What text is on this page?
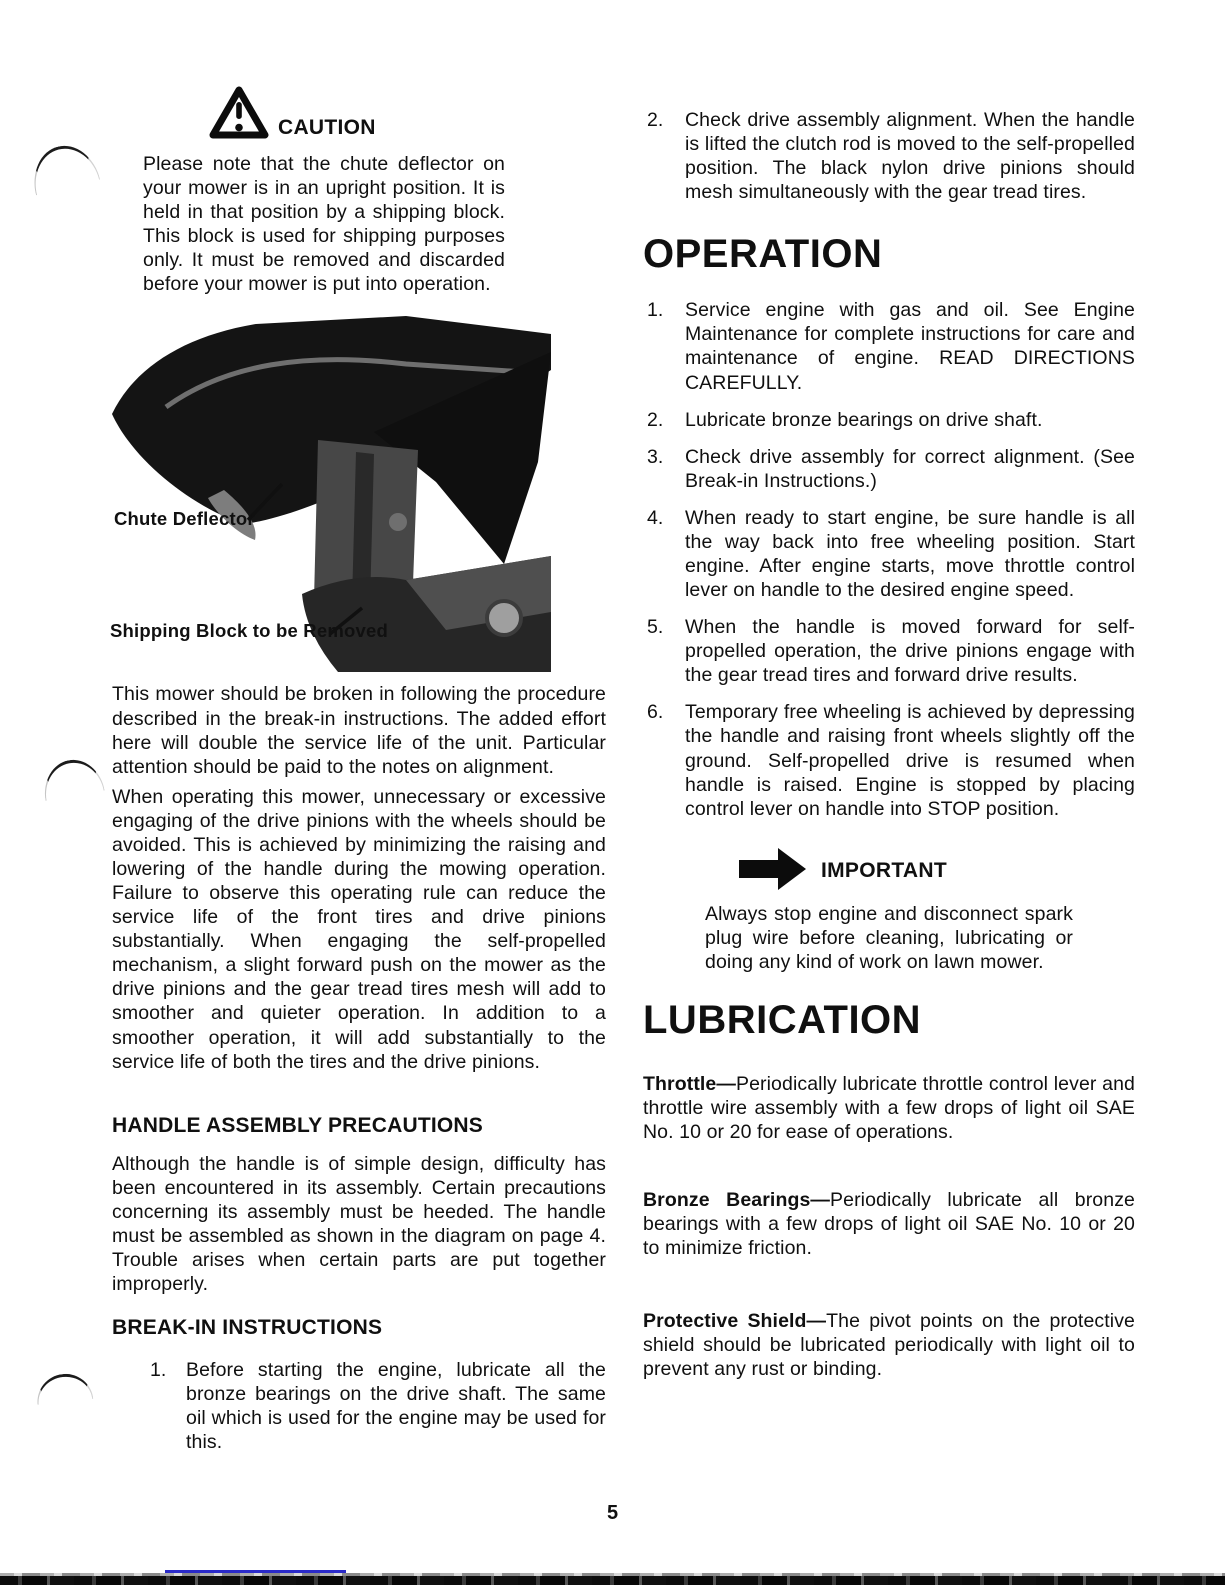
CAUTION
Please note that the chute deflector on your mower is in an upright position. It is held in that position by a shipping block. This block is used for shipping purposes only. It must be removed and discarded before your mower is put into operation.
Chute Deflector
Shipping Block to be Removed
This mower should be broken in following the procedure described in the break-in instructions. The added effort here will double the service life of the unit. Particular attention should be paid to the notes on alignment.
When operating this mower, unnecessary or excessive engaging of the drive pinions with the wheels should be avoided. This is achieved by minimizing the raising and lowering of the handle during the mowing operation. Failure to observe this operating rule can reduce the service life of the front tires and drive pinions substantially. When engaging the self-propelled mechanism, a slight forward push on the mower as the drive pinions and the gear tread tires mesh will add to smoother and quieter operation. In addition to a smoother operation, it will add substantially to the service life of both the tires and the drive pinions.
HANDLE ASSEMBLY PRECAUTIONS
Although the handle is of simple design, difficulty has been encountered in its assembly. Certain precautions concerning its assembly must be heeded. The handle must be assembled as shown in the diagram on page 4. Trouble arises when certain parts are put together improperly.
BREAK-IN INSTRUCTIONS
1.	Before starting the engine, lubricate all the bronze bearings on the drive shaft. The same oil which is used for the engine may be used for this.
2.	Check drive assembly alignment. When the handle is lifted the clutch rod is moved to the self-propelled position. The black nylon drive pinions should mesh simultaneously with the gear tread tires.
OPERATION
1.	Service engine with gas and oil. See Engine Maintenance for complete instructions for care and maintenance of engine. READ DIRECTIONS CAREFULLY.
2.	Lubricate bronze bearings on drive shaft.
3.	Check drive assembly for correct alignment. (See Break-in Instructions.)
4.	When ready to start engine, be sure handle is all the way back into free wheeling position. Start engine. After engine starts, move throttle control lever on handle to the desired engine speed.
5.	When the handle is moved forward for self-propelled operation, the drive pinions engage with the gear tread tires and forward drive results.
6.	Temporary free wheeling is achieved by depressing the handle and raising front wheels slightly off the ground. Self-propelled drive is resumed when handle is raised. Engine is stopped by placing control lever on handle into STOP position.
IMPORTANT
Always stop engine and disconnect spark plug wire before cleaning, lubricating or doing any kind of work on lawn mower.
LUBRICATION
Throttle—Periodically lubricate throttle control lever and throttle wire assembly with a few drops of light oil SAE No. 10 or 20 for ease of operations.
Bronze Bearings—Periodically lubricate all bronze bearings with a few drops of light oil SAE No. 10 or 20 to minimize friction.
Protective Shield—The pivot points on the protective shield should be lubricated periodically with light oil to prevent any rust or binding.
5
